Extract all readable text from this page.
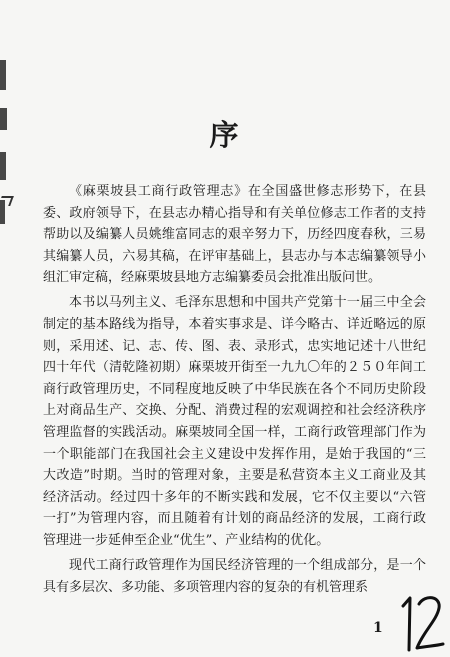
序

《麻栗坡县工商行政管理志》在全国盛世修志形势下，在县委、政府领导下，在县志办精心指导和有关单位修志工作者的支持帮助以及编纂人员姚维富同志的艰辛努力下，历经四度春秋，三易其编纂人员，六易其稿，在评审基础上，县志办与本志编纂领导小组汇审定稿，经麻栗坡县地方志编纂委员会批准出版问世。

本书以马列主义、毛泽东思想和中国共产党第十一届三中全会制定的基本路线为指导，本着实事求是、详今略古、详近略远的原则，采用述、记、志、传、图、表、录形式，忠实地记述十八世纪四十年代（清乾隆初期）麻栗坡开街至一九九〇年的２５０年间工商行政管理历史，不同程度地反映了中华民族在各个不同历史阶段上对商品生产、交换、分配、消费过程的宏观调控和社会经济秩序管理监督的实践活动。麻栗坡同全国一样，工商行政管理部门作为一个职能部门在我国社会主义建设中发挥作用，是始于我国的“三大改造”时期。当时的管理对象，主要是私营资本主义工商业及其经济活动。经过四十多年的不断实践和发展，它不仅主要以“六管一打”为管理内容，而且随着有计划的商品经济的发展，工商行政管理进一步延伸至企业“优生”、产业结构的优化。

现代工商行政管理作为国民经济管理的一个组成部分，是一个具有多层次、多功能、多项管理内容的复杂的有机管理系

1
